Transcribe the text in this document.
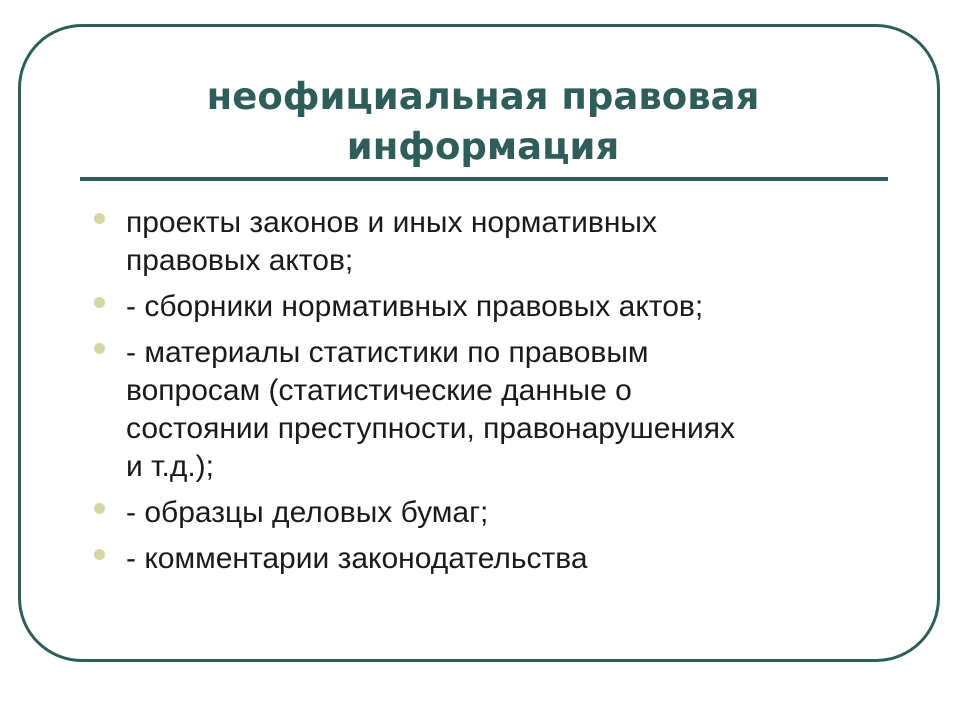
неофициальная правовая
информация
проекты законов и иных нормативных
правовых актов;
- сборники нормативных правовых актов;
- материалы статистики по правовым
вопросам (статистические данные о
состоянии преступности, правонарушениях
и т.д.);
- образцы деловых бумаг;
- комментарии законодательства
